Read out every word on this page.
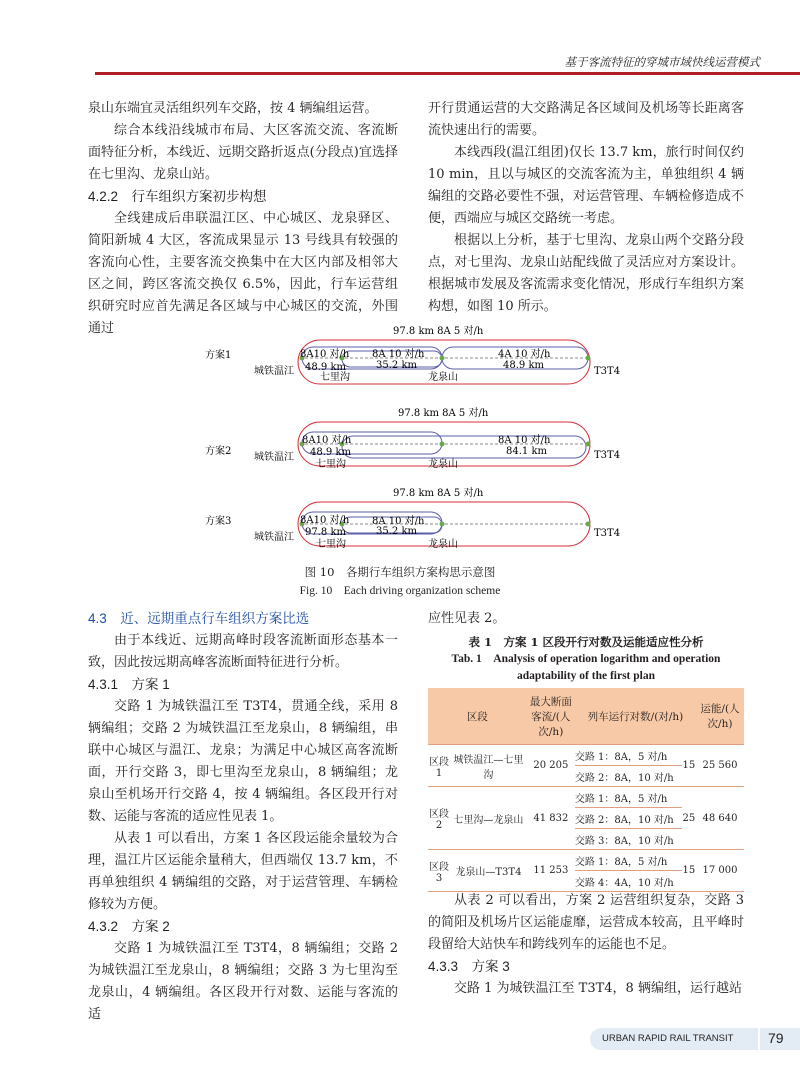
基于客流特征的穿城市域快线运营模式

泉山东端宜灵活组织列车交路，按 4 辆编组运营。

综合本线沿线城市布局、大区客流交流、客流断面特征分析，本线近、远期交路折返点(分段点)宜选择在七里沟、龙泉山站。

4.2.2　行车组织方案初步构想

全线建成后串联温江区、中心城区、龙泉驿区、简阳新城 4 大区，客流成果显示 13 号线具有较强的客流向心性，主要客流交换集中在大区内部及相邻大区之间，跨区客流交换仅 6.5%，因此，行车运营组织研究时应首先满足各区域与中心城区的交流，外围通过

开行贯通运营的大交路满足各区域间及机场等长距离客流快速出行的需要。

本线西段(温江组团)仅长 13.7 km，旅行时间仅约 10 min，且以与城区的交流客流为主，单独组织 4 辆编组的交路必要性不强，对运营管理、车辆检修造成不便，西端应与城区交路统一考虑。

根据以上分析，基于七里沟、龙泉山两个交路分段点，对七里沟、龙泉山站配线做了灵活应对方案设计。根据城市发展及客流需求变化情况，形成行车组织方案构想，如图 10 所示。

方案1
97.8 km 8A 5 对/h
8A10 对/h
48.9 km
8A 10 对/h
35.2 km
4A 10 对/h
48.9 km
城铁温江
七里沟	龙泉山
T3T4
方案2
97.8 km 8A 5 对/h
8A10 对/h
48.9 km
8A 10 对/h
84.1 km
城铁温江
七里沟	龙泉山
T3T4
方案3
97.8 km 8A 5 对/h
8A10 对/h
97.8 km
8A 10 对/h
35.2 km
城铁温江
七里沟	龙泉山
T3T4
图 10　各期行车组织方案构思示意图
Fig. 10　Each driving organization scheme

4.3　近、远期重点行车组织方案比选

由于本线近、远期高峰时段客流断面形态基本一致，因此按远期高峰客流断面特征进行分析。

4.3.1　方案 1

交路 1 为城铁温江至 T3T4，贯通全线，采用 8 辆编组；交路 2 为城铁温江至龙泉山，8 辆编组，串联中心城区与温江、龙泉；为满足中心城区高客流断面，开行交路 3，即七里沟至龙泉山，8 辆编组；龙泉山至机场开行交路 4，按 4 辆编组。各区段开行对数、运能与客流的适应性见表 1。

从表 1 可以看出，方案 1 各区段运能余量较为合理，温江片区运能余量稍大，但西端仅 13.7 km，不再单独组织 4 辆编组的交路，对于运营管理、车辆检修较为方便。

4.3.2　方案 2

交路 1 为城铁温江至 T3T4，8 辆编组；交路 2 为城铁温江至龙泉山，8 辆编组；交路 3 为七里沟至龙泉山，4 辆编组。各区段开行对数、运能与客流的适

应性见表 2。

表 1　方案 1 区段开行对数及运能适应性分析
Tab. 1　Analysis of operation logarithm and operation
adaptability of the first plan
区段		最大断面客流/(人次/h)	列车运行对数/(对/h)		运能/(人次/h)
区段1	城铁温江—七里沟	20 205	交路 1：8A，5 对/h	15	25 560
			交路 2：8A，10 对/h		
区段2	七里沟—龙泉山	41 832	交路 1：8A，5 对/h	25	48 640
			交路 2：8A，10 对/h		
			交路 3：8A，10 对/h		
区段3	龙泉山—T3T4	11 253	交路 1：8A，5 对/h	15	17 000
			交路 4：4A，10 对/h		

从表 2 可以看出，方案 2 运营组织复杂，交路 3 的简阳及机场片区运能虚靡，运营成本较高，且平峰时段留给大站快车和跨线列车的运能也不足。

4.3.3　方案 3

交路 1 为城铁温江至 T3T4，8 辆编组，运行越站

URBAN RAPID RAIL TRANSIT 79
